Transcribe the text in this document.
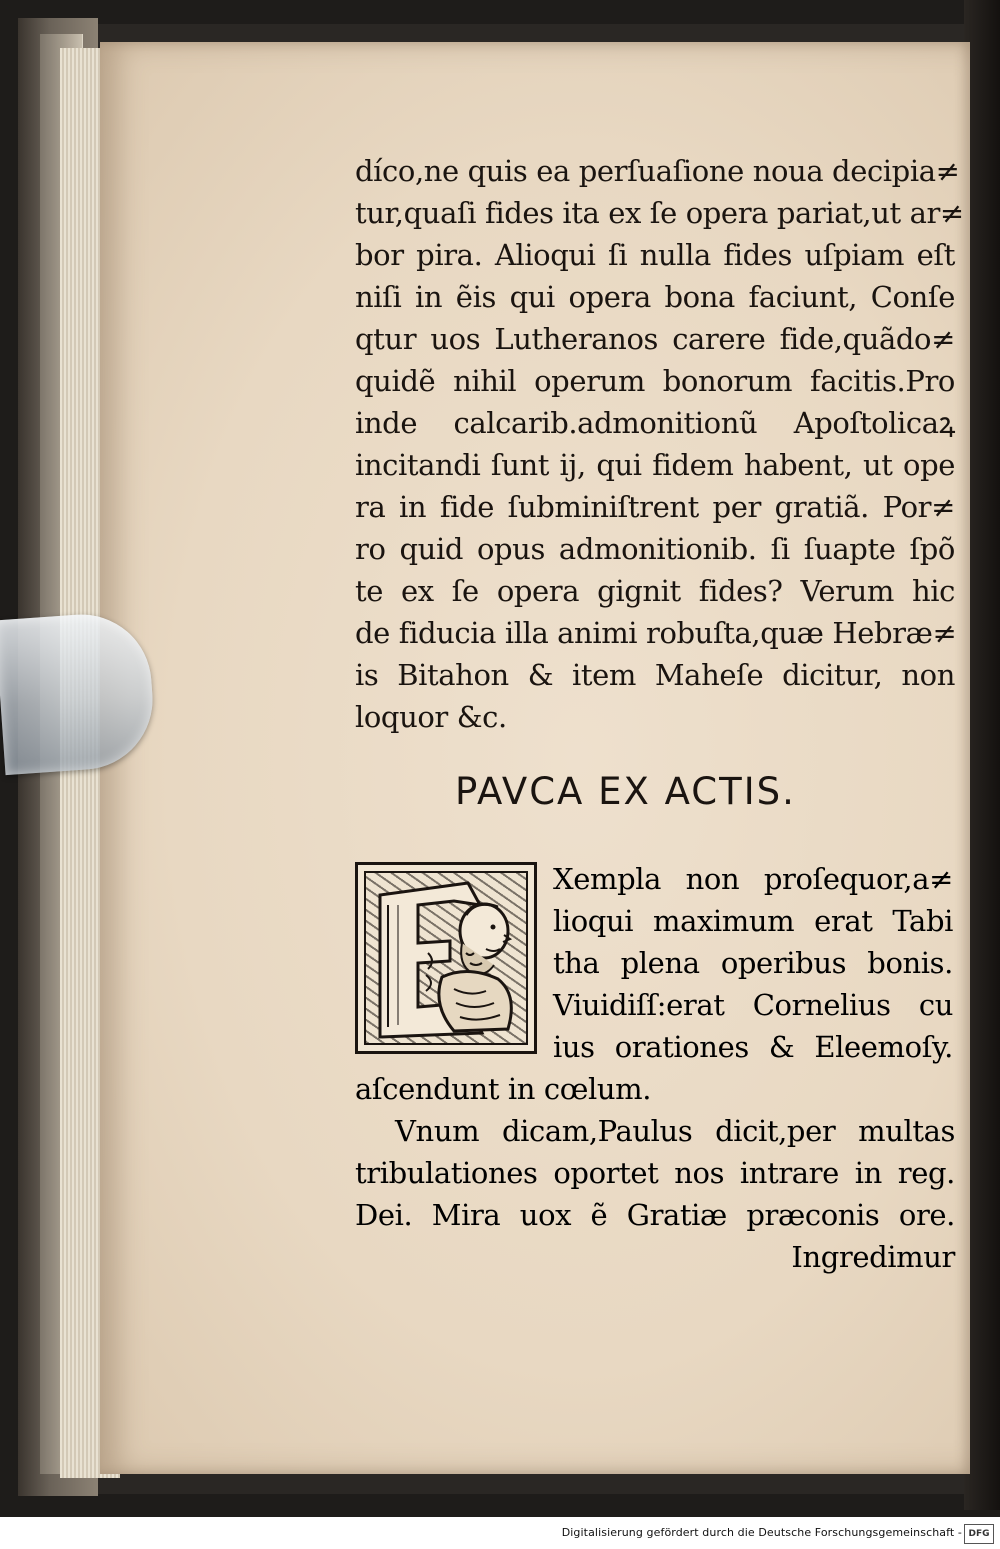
díco,ne quis ea perſuaſione noua decipia≠

tur,quaſi fides ita ex ſe opera pariat,ut ar≠

bor pira. Alioqui ſi nulla fides uſpiam eſt

niſi in ẽis qui opera bona faciunt, Conſe

qtur uos Lutheranos carere fide,quãdo≠

quidẽ nihil operum bonorum facitis.Pro

inde calcarib.admonitionũ Apoſtolicaꝝ

incitandi ſunt ij, qui fidem habent, ut ope

ra in fide ſubminiſtrent per gratiã. Por≠

ro quid opus admonitionib. ſi ſuapte ſpõ

te ex ſe opera gignit fides? Verum hic

de fiducia illa animi robuſta,quæ Hebræ≠

is Bitahon & item Maheſe dicitur, non

loquor &c.

PAVCA EX ACTIS.

Xempla non proſequor,a≠

lioqui maximum erat Tabi

tha plena operibus bonis.

Viuidiſſ:erat Cornelius cu

ius orationes & Eleemoſy.

aſcendunt in cœlum.

Vnum dicam,Paulus dicit,per multas

tribulationes oportet nos intrare in reg.

Dei. Mira uox ẽ Gratiæ præconis ore.

Ingredimur

Digitalisierung gefördert durch die Deutsche Forschungsgemeinschaft - DFG
